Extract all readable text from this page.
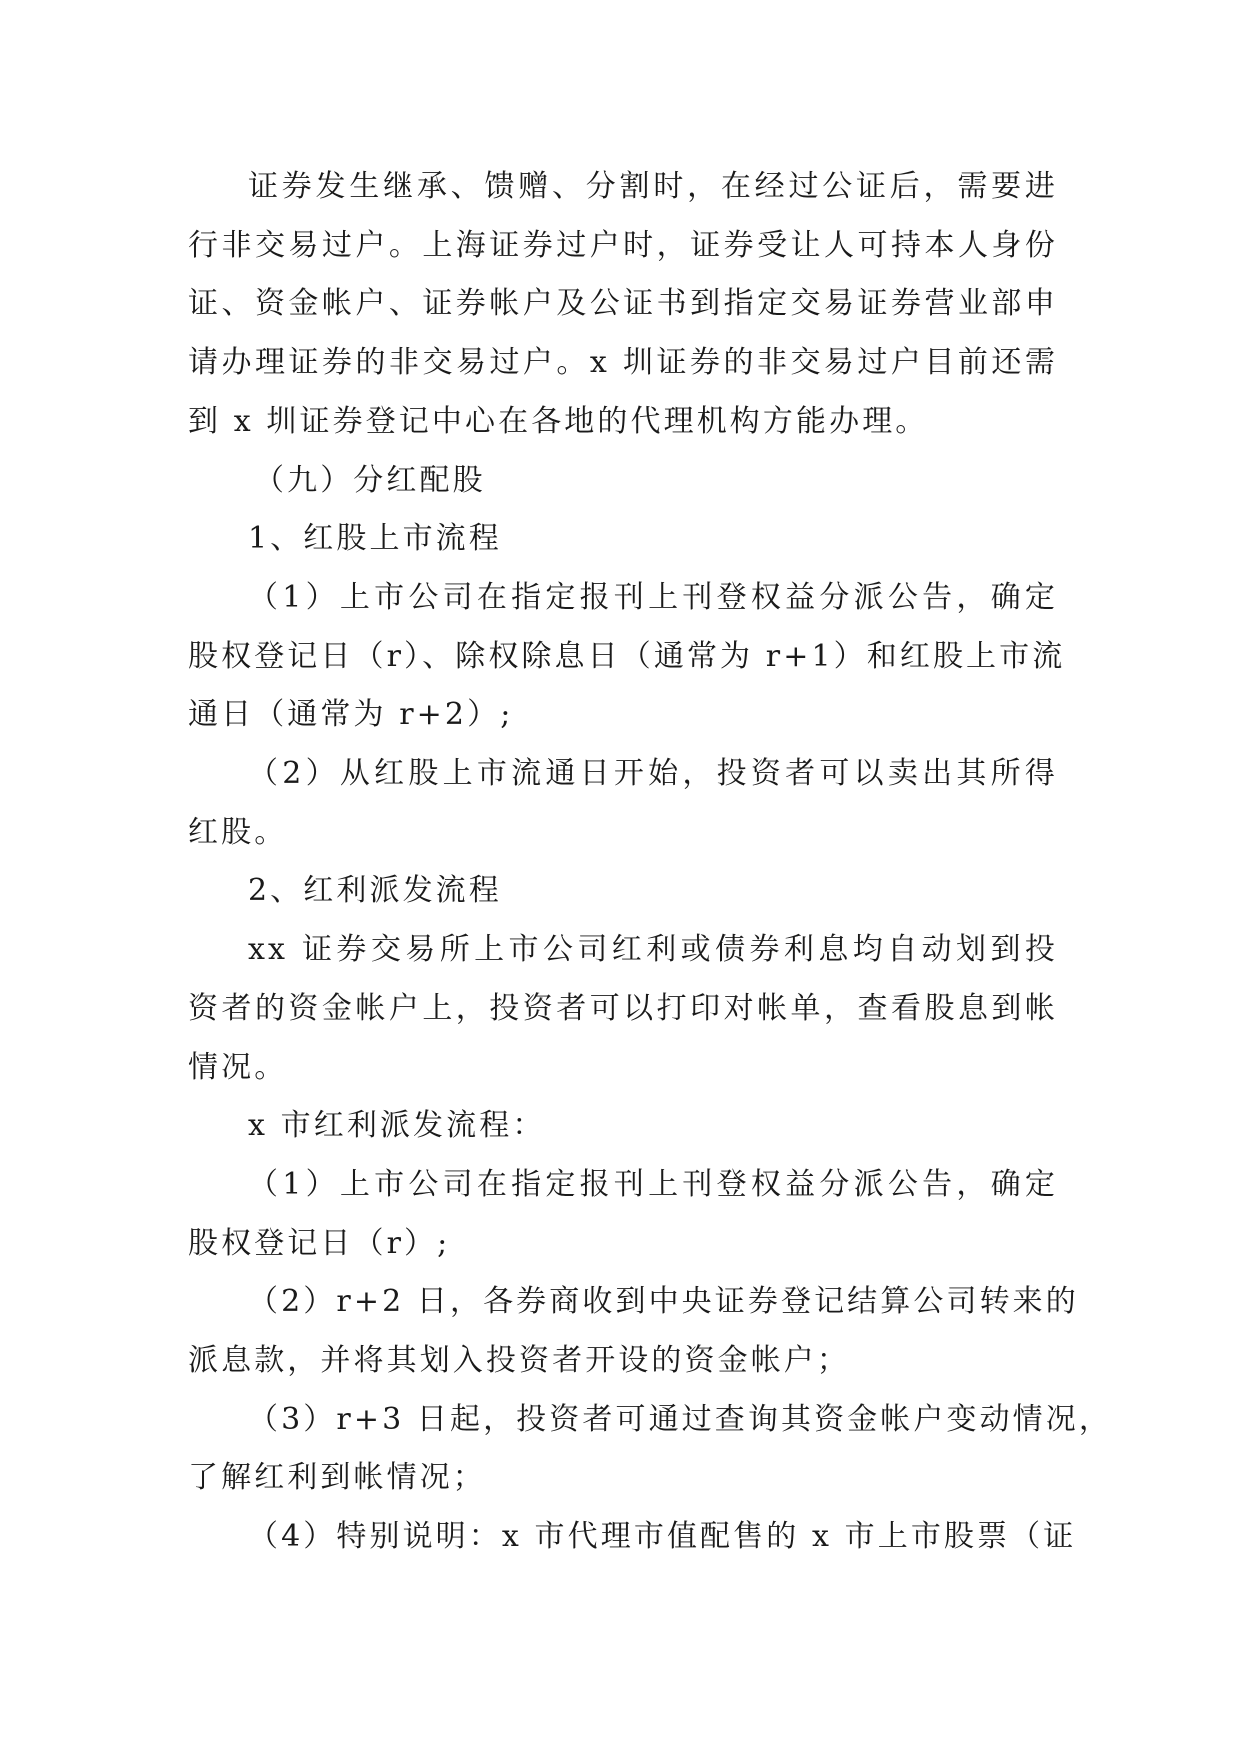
证券发生继承、馈赠、分割时，在经过公证后，需要进
行非交易过户。上海证券过户时，证券受让人可持本人身份
证、资金帐户、证券帐户及公证书到指定交易证券营业部申
请办理证券的非交易过户。x 圳证券的非交易过户目前还需
到 x 圳证券登记中心在各地的代理机构方能办理。

（九）分红配股

1、红股上市流程

（1）上市公司在指定报刊上刊登权益分派公告，确定
股权登记日（r）、除权除息日（通常为 r+1）和红股上市流
通日（通常为 r+2）;

（2）从红股上市流通日开始，投资者可以卖出其所得
红股。

2、红利派发流程

xx 证券交易所上市公司红利或债券利息均自动划到投
资者的资金帐户上，投资者可以打印对帐单，查看股息到帐
情况。

x 市红利派发流程：

（1）上市公司在指定报刊上刊登权益分派公告，确定
股权登记日（r）;

（2）r+2 日，各券商收到中央证券登记结算公司转来的
派息款，并将其划入投资者开设的资金帐户；

（3）r+3 日起，投资者可通过查询其资金帐户变动情况，
了解红利到帐情况；

（4）特别说明：x 市代理市值配售的 x 市上市股票（证
